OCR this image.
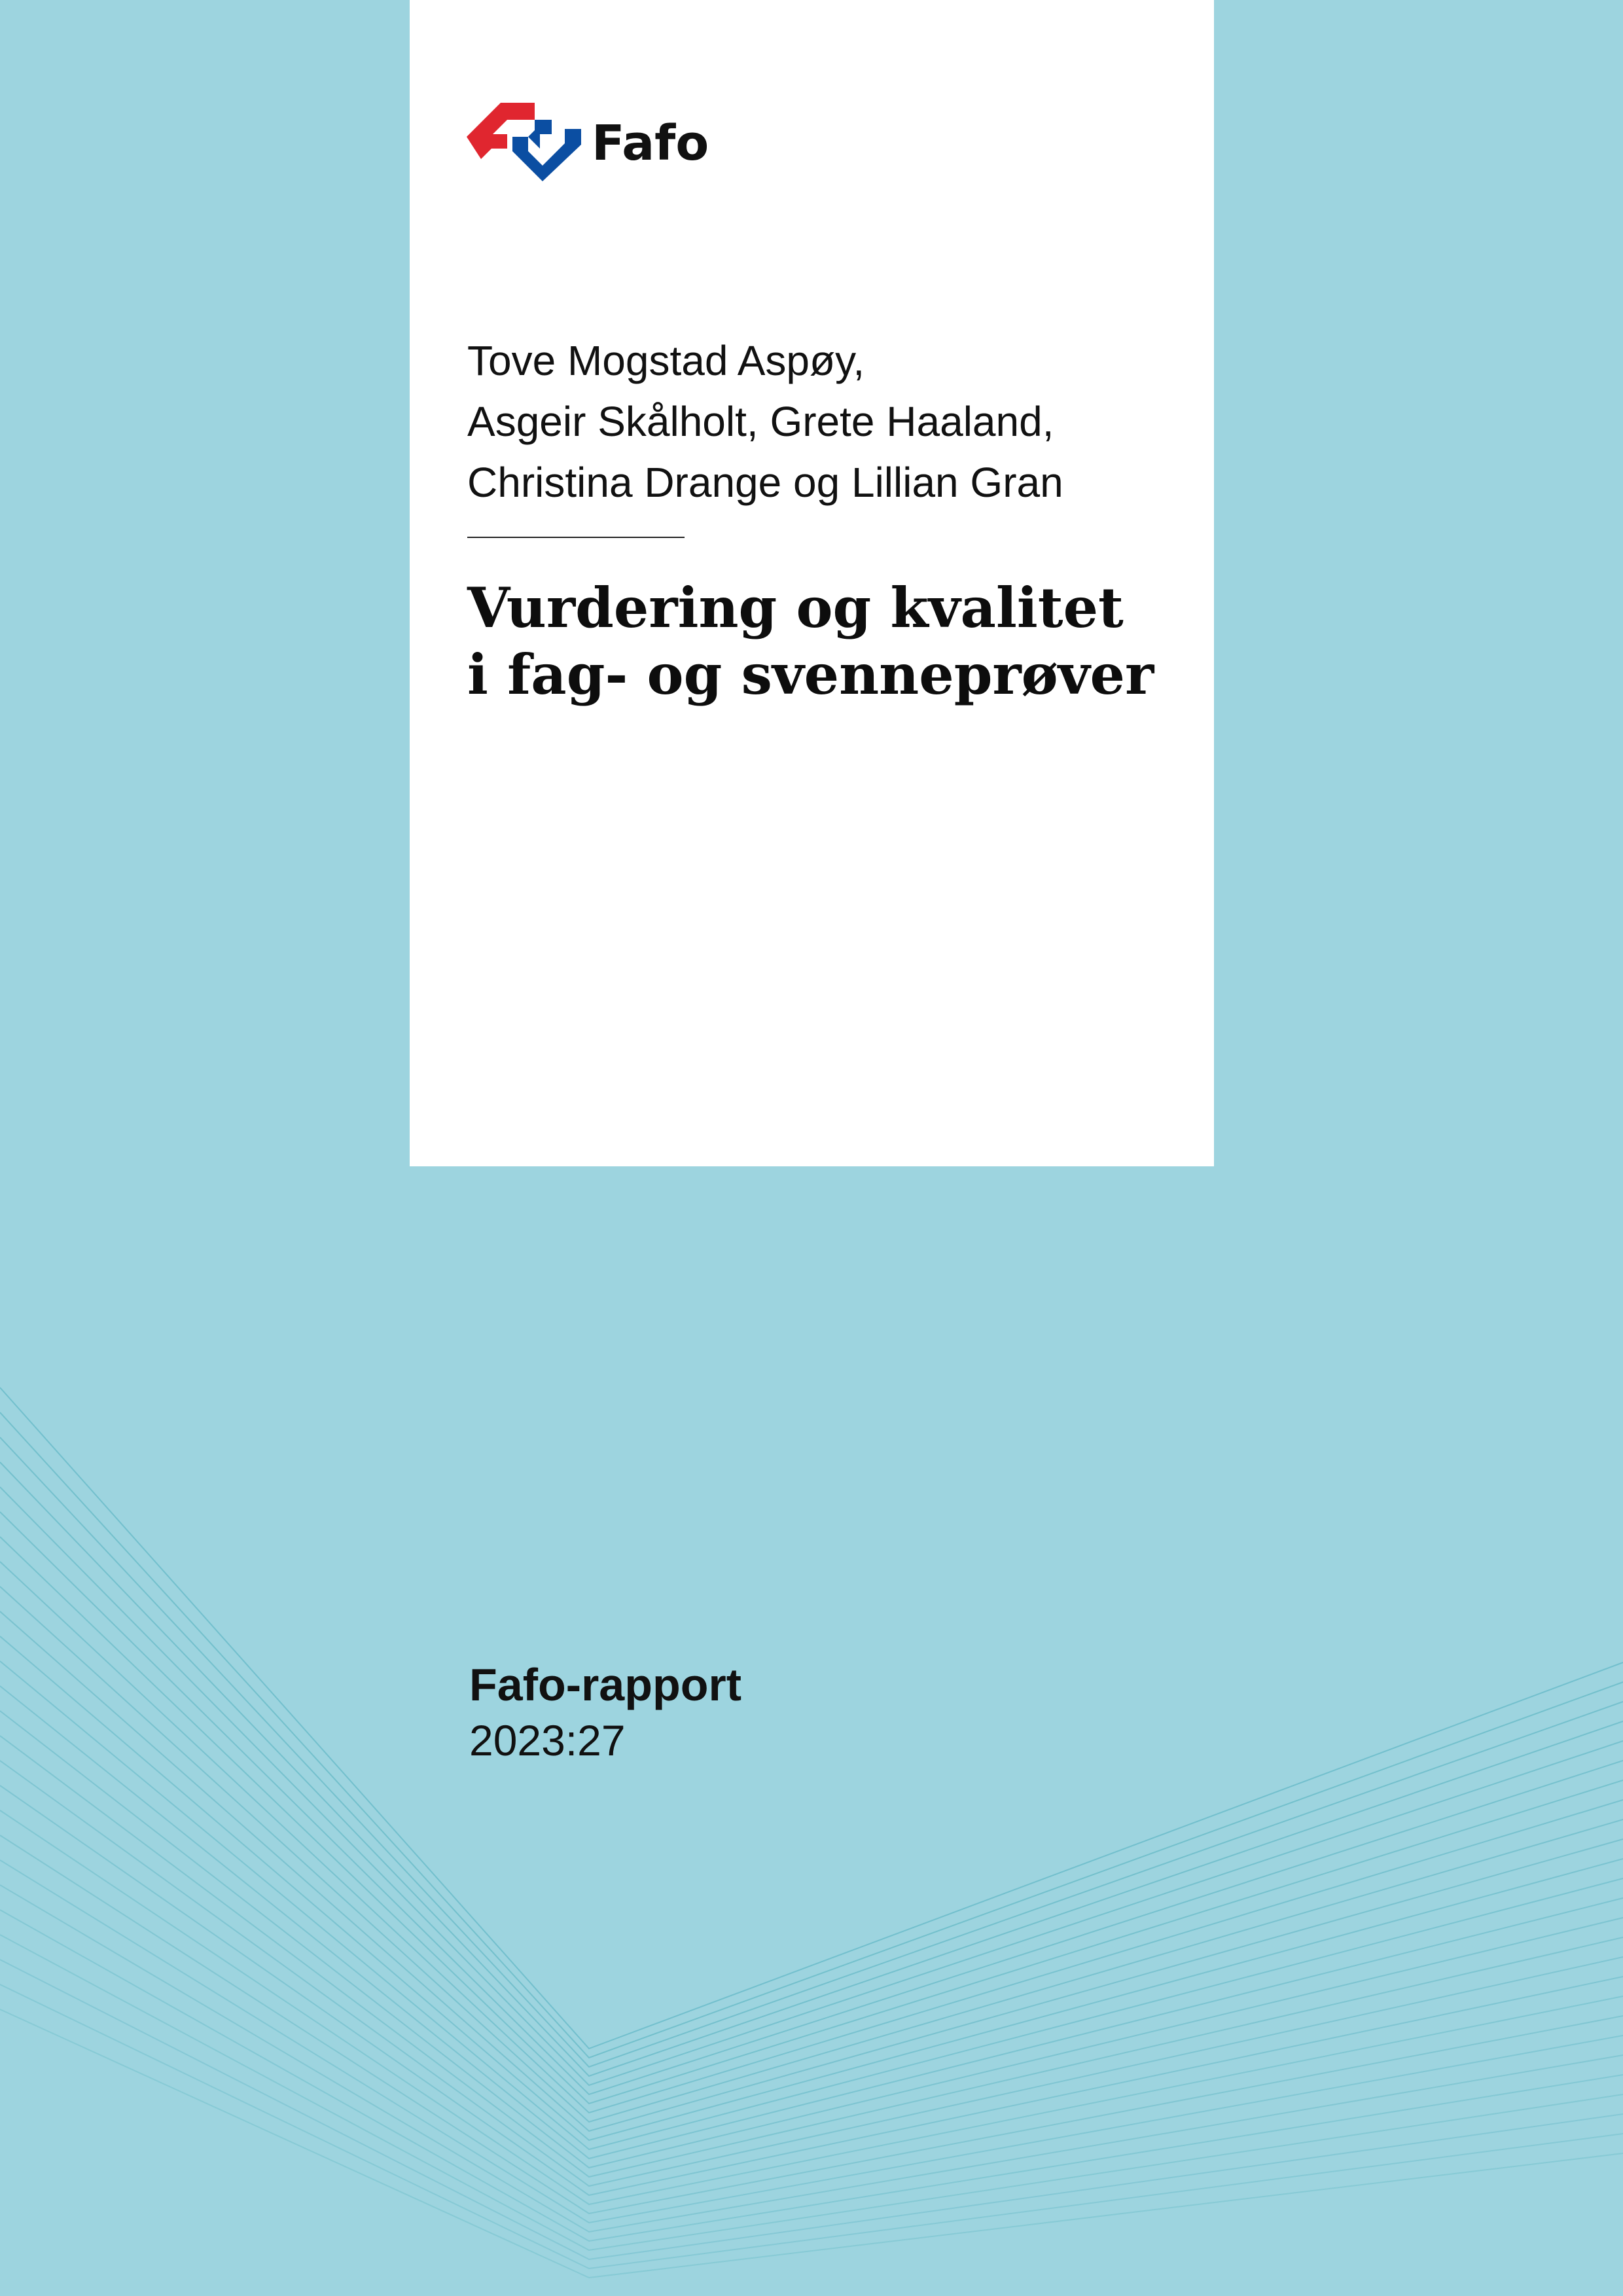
Fafo
Tove Mogstad Aspøy,
Asgeir Skålholt, Grete Haaland,
Christina Drange og Lillian Gran
Vurdering og kvalitet
i fag- og svenneprøver
Fafo-rapport
2023:27
